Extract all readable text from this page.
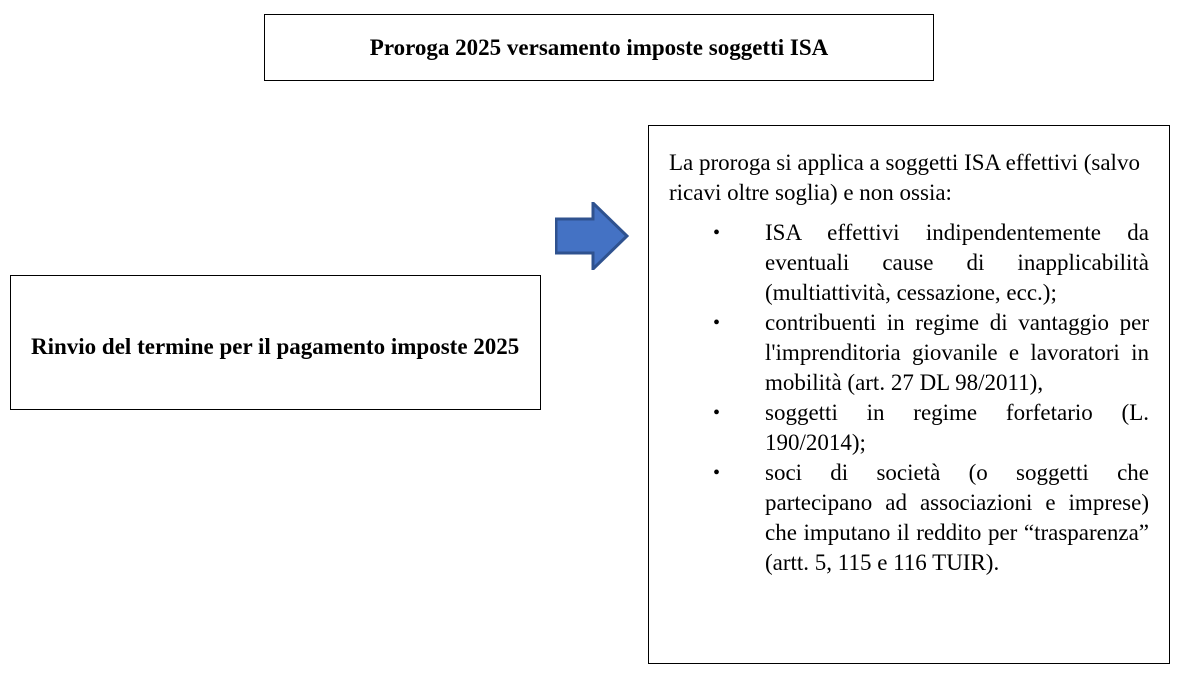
Proroga 2025 versamento imposte soggetti ISA
Rinvio del termine per il pagamento imposte 2025

La proroga si applica a soggetti ISA effettivi (salvo ricavi oltre soglia) e non ossia:

• ISA effettivi indipendentemente da eventuali cause di inapplicabilità (multiattività, cessazione, ecc.);
• contribuenti in regime di vantaggio per l'imprenditoria giovanile e lavoratori in mobilità (art. 27 DL 98/2011),
• soggetti in regime forfetario (L. 190/2014);
• soci di società (o soggetti che partecipano ad associazioni e imprese) che imputano il reddito per “trasparenza” (artt. 5, 115 e 116 TUIR).
